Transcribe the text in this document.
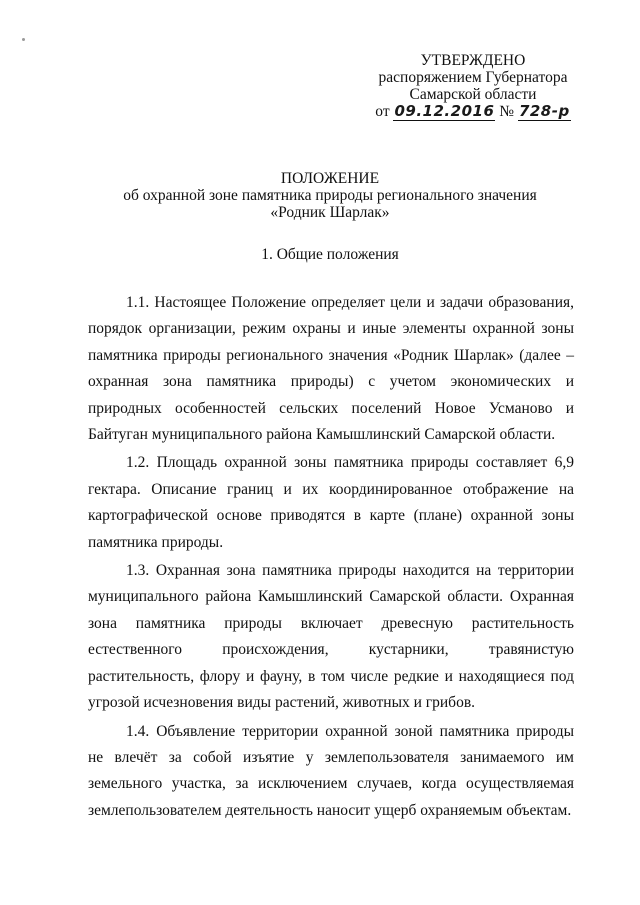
УТВЕРЖДЕНО
распоряжением Губернатора
Самарской области
от 09.12.2016 № 728-р
ПОЛОЖЕНИЕ
об охранной зоне памятника природы регионального значения
«Родник Шарлак»
1. Общие положения

1.1. Настоящее Положение определяет цели и задачи образования, порядок организации, режим охраны и иные элементы охранной зоны памятника природы регионального значения «Родник Шарлак» (далее – охранная зона памятника природы) с учетом экономических и природных особенностей сельских поселений Новое Усманово и Байтуган муниципального района Камышлинский Самарской области.

1.2. Площадь охранной зоны памятника природы составляет 6,9 гектара. Описание границ и их координированное отображение на картографической основе приводятся в карте (плане) охранной зоны памятника природы.

1.3. Охранная зона памятника природы находится на территории муниципального района Камышлинский Самарской области. Охранная зона памятника природы включает древесную растительность естественного происхождения, кустарники, травянистую растительность, флору и фауну, в том числе редкие и находящиеся под угрозой исчезновения виды растений, животных и грибов.

1.4. Объявление территории охранной зоной памятника природы не влечёт за собой изъятие у землепользователя занимаемого им земельного участка, за исключением случаев, когда осуществляемая землепользователем деятельность наносит ущерб охраняемым объектам.
